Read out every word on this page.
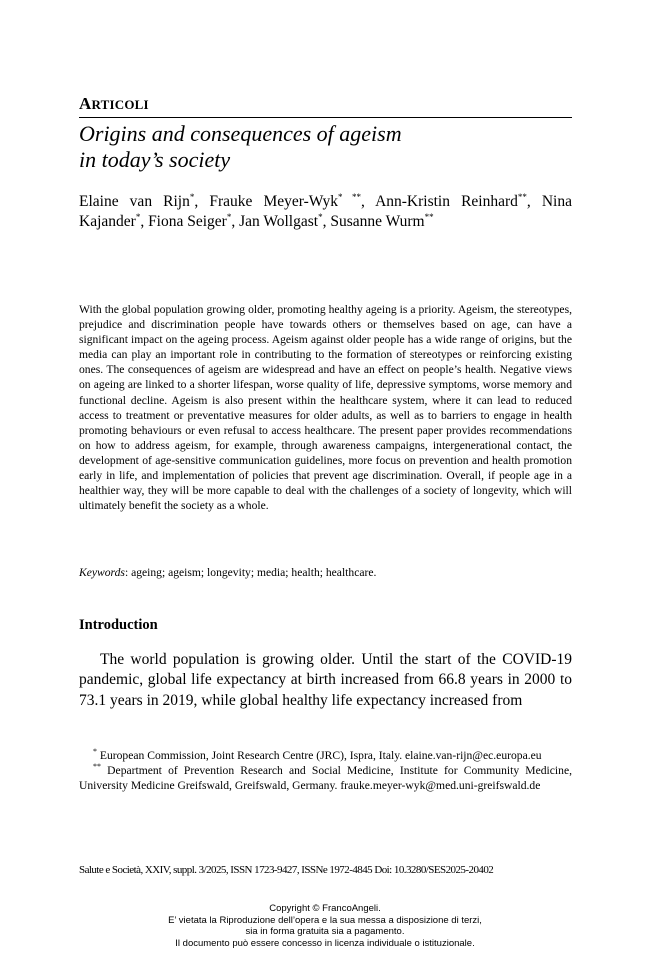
ARTICOLI
Origins and consequences of ageism
in today’s society
Elaine van Rijn*, Frauke Meyer-Wyk* **, Ann-Kristin Reinhard**, Nina Kajander*, Fiona Seiger*, Jan Wollgast*, Susanne Wurm**

With the global population growing older, promoting healthy ageing is a priority. Ageism, the stereotypes, prejudice and discrimination people have towards others or themselves based on age, can have a significant impact on the ageing process. Ageism against older people has a wide range of origins, but the media can play an important role in contributing to the formation of stereotypes or reinforcing existing ones. The consequences of ageism are widespread and have an effect on people’s health. Negative views on ageing are linked to a shorter lifespan, worse quality of life, depressive symptoms, worse memory and functional decline. Ageism is also present within the healthcare system, where it can lead to reduced access to treatment or preventative measures for older adults, as well as to barriers to engage in health promoting behaviours or even refusal to access healthcare. The present paper provides recommendations on how to address ageism, for example, through awareness campaigns, intergenerational contact, the development of age-sensitive communication guidelines, more focus on prevention and health promotion early in life, and implementation of policies that prevent age discrimination. Overall, if people age in a healthier way, they will be more capable to deal with the challenges of a society of longevity, which will ultimately benefit the society as a whole.

Keywords: ageing; ageism; longevity; media; health; healthcare.
Introduction

The world population is growing older. Until the start of the COVID-19 pandemic, global life expectancy at birth increased from 66.8 years in 2000 to 73.1 years in 2019, while global healthy life expectancy increased from

* European Commission, Joint Research Centre (JRC), Ispra, Italy. elaine.van-rijn@ec.europa.eu

** Department of Prevention Research and Social Medicine, Institute for Community Medicine, University Medicine Greifswald, Greifswald, Germany. frauke.meyer-wyk@med.uni-greifswald.de

Salute e Società, XXIV, suppl. 3/2025, ISSN 1723-9427, ISSNe 1972-4845 Doi: 10.3280/SES2025-20402
Copyright © FrancoAngeli.
E’ vietata la Riproduzione dell’opera e la sua messa a disposizione di terzi,
sia in forma gratuita sia a pagamento.
Il documento può essere concesso in licenza individuale o istituzionale.
